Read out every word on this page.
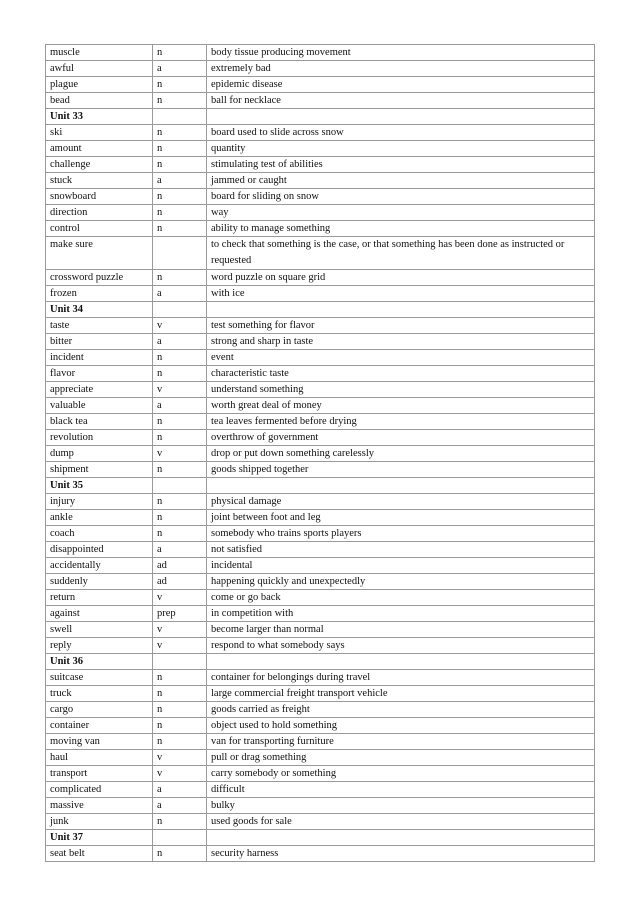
muscle	n	body tissue producing movement
awful	a	extremely bad
plague	n	epidemic disease
bead	n	ball for necklace
Unit 33		
ski	n	board used to slide across snow
amount	n	quantity
challenge	n	stimulating test of abilities
stuck	a	jammed or caught
snowboard	n	board for sliding on snow
direction	n	way
control	n	ability to manage something
make sure		to check that something is the case, or that something has been done as instructed or requested
crossword puzzle	n	word puzzle on square grid
frozen	a	with ice
Unit 34		
taste	v	test something for flavor
bitter	a	strong and sharp in taste
incident	n	event
flavor	n	characteristic taste
appreciate	v	understand something
valuable	a	worth great deal of money
black tea	n	tea leaves fermented before drying
revolution	n	overthrow of government
dump	v	drop or put down something carelessly
shipment	n	goods shipped together
Unit 35		
injury	n	physical damage
ankle	n	joint between foot and leg
coach	n	somebody who trains sports players
disappointed	a	not satisfied
accidentally	ad	incidental
suddenly	ad	happening quickly and unexpectedly
return	v	come or go back
against	prep	in competition with
swell	v	become larger than normal
reply	v	respond to what somebody says
Unit 36		
suitcase	n	container for belongings during travel
truck	n	large commercial freight transport vehicle
cargo	n	goods carried as freight
container	n	object used to hold something
moving van	n	van for transporting furniture
haul	v	pull or drag something
transport	v	carry somebody or something
complicated	a	difficult
massive	a	bulky
junk	n	used goods for sale
Unit 37		
seat belt	n	security harness
